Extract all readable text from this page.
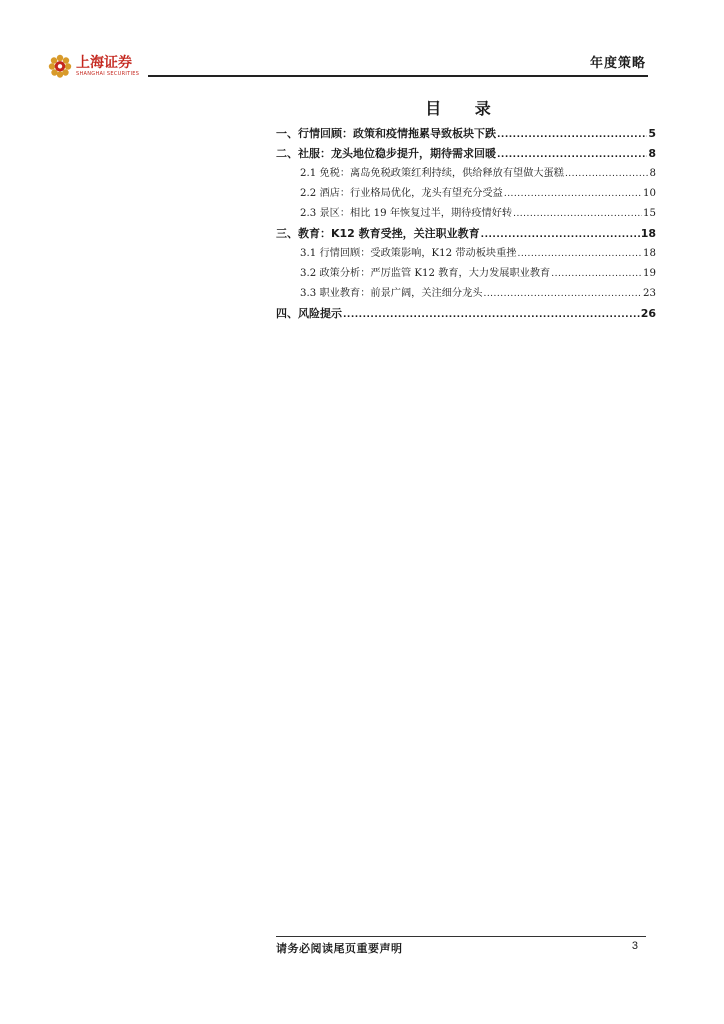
上海证券
SHANGHAI SECURITIES
年度策略
目 录
一、行情回顾：政策和疫情拖累导致板块下跌 .....	5
二、社服：龙头地位稳步提升，期待需求回暖 .....	8
2.1 免税：离岛免税政策红利持续，供给释放有望做大蛋糕 .....	8
2.2 酒店：行业格局优化，龙头有望充分受益 .....	10
2.3 景区：相比 19 年恢复过半，期待疫情好转 .....	15
三、教育：K12 教育受挫，关注职业教育 .....	18
3.1 行情回顾：受政策影响，K12 带动板块重挫 .....	18
3.2 政策分析：严厉监管 K12 教育，大力发展职业教育 .....	19
3.3 职业教育：前景广阔，关注细分龙头 .....	23
四、风险提示 .....	26
请务必阅读尾页重要声明	3
